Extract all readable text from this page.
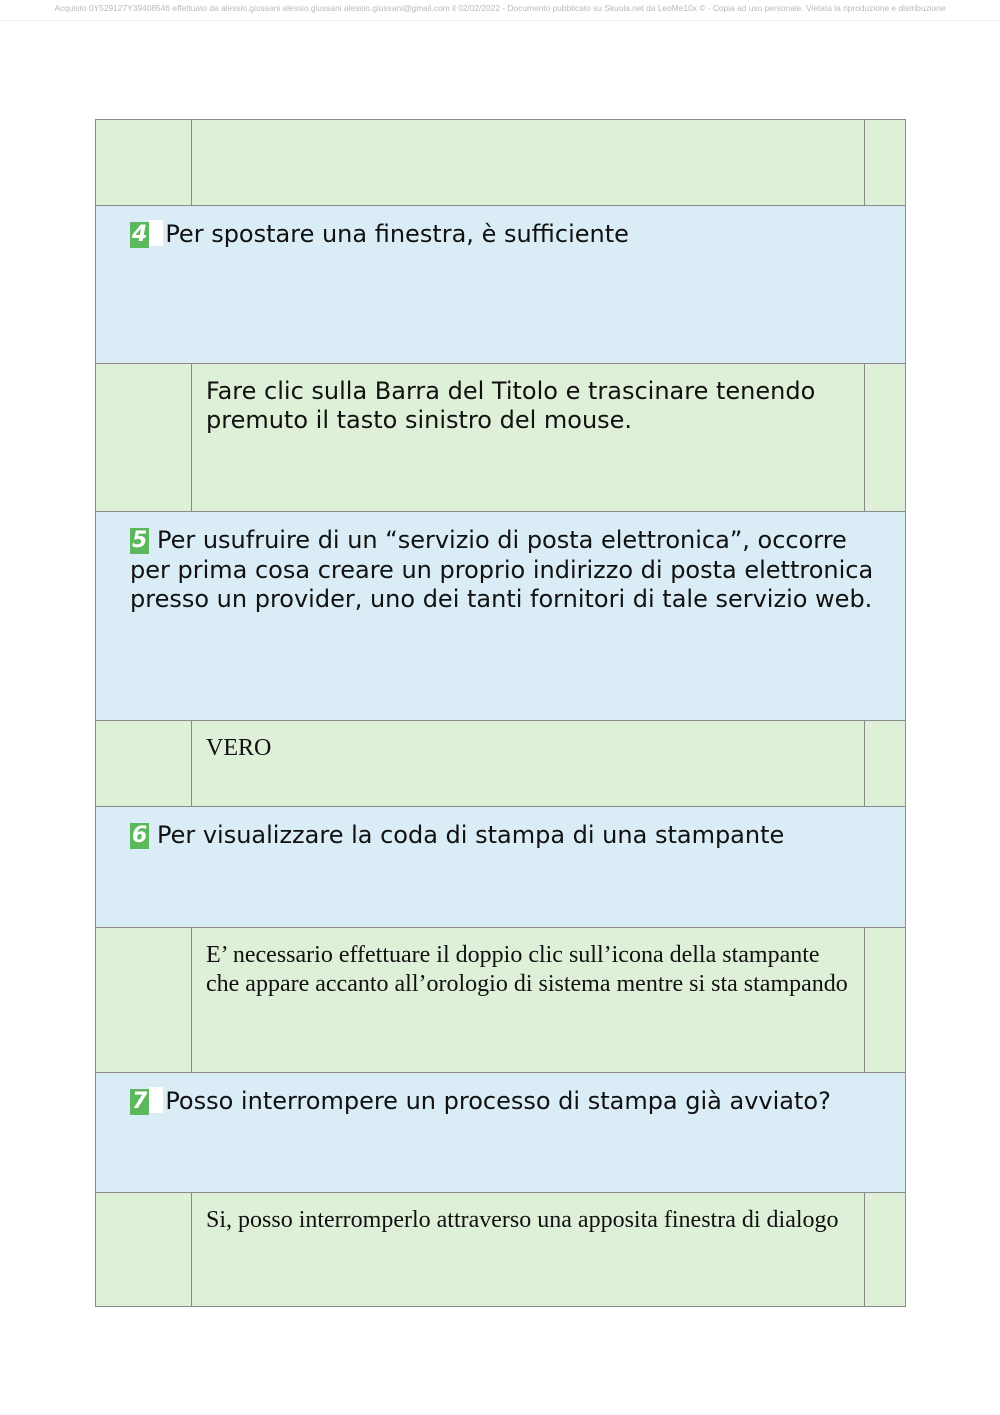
Acquisto 0Y529127Y39408546 effettuato da alessio.giussani alessio.giussani alessio.giussani@gmail.com il 02/02/2022 - Documento pubblicato su Skuola.net da LeoMe10x © - Copia ad uso personale. Vietata la riproduzione e distribuzione
4 Per spostare una finestra, è sufficiente
Fare clic sulla Barra del Titolo e trascinare tenendo premuto il tasto sinistro del mouse.
5 Per usufruire di un “servizio di posta elettronica”, occorre per prima cosa creare un proprio indirizzo di posta elettronica presso un provider, uno dei tanti fornitori di tale servizio web.
VERO
6 Per visualizzare la coda di stampa di una stampante
E’ necessario effettuare il doppio clic sull’icona della stampante che appare accanto all’orologio di sistema mentre si sta stampando
7 Posso interrompere un processo di stampa già avviato?
Si, posso interromperlo attraverso una apposita finestra di dialogo
